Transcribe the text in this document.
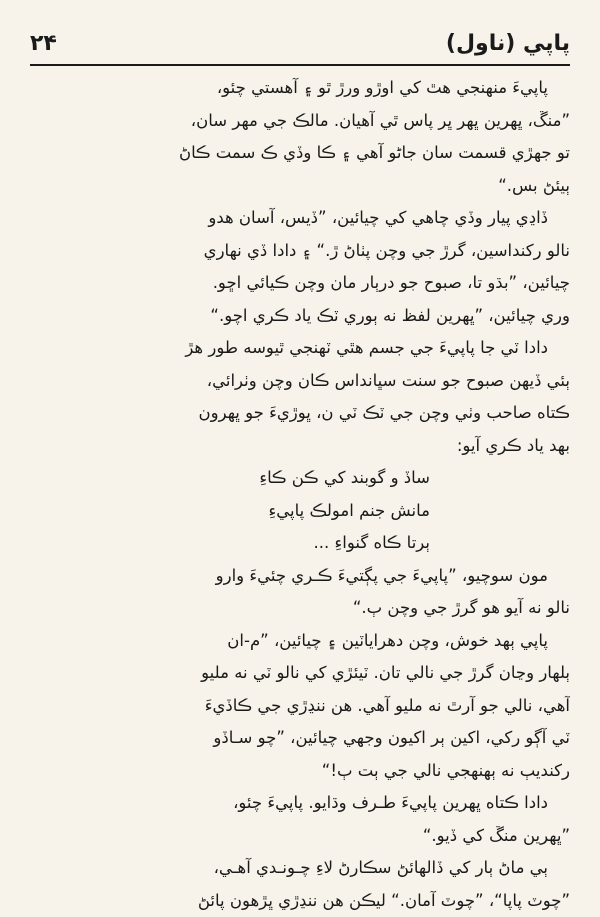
۲۴	پاپي (ناول)
پاپيءَ منهنجي هٿ کي اوڙو ورڙ ٿو ۽ آهستي چئو،
”منڱ، ڀهرين ڀهر ڀر پاس ٿي آهيان. مالڪ جي مهر سان،
تو جهڙي قسمت سان جاڻو آهي ۽ ڪا وڏي ڪ سمت ڪاڻ
ٻيئڻ بس.“
ڏاڍي پيار وڏي چاهي کي چيائين، ”ڏيس، آسان هدو
نالو رکنداسين، گرڙ جي وچن پٺاڻ ڙ.“ ۽ دادا ڏي نهاري
چيائين، ”بڌو تا، صبوح جو درٻار مان وچن ڪيائي اڇو.
وري چيائين، ”ڀهرين لفظ نه ٻوري ٽڪ ياد ڪري اچو.“
دادا ٽي جا پاپيءَ جي جسم هٿي ٽهنجي ٿيوسه طور هڙ
ٻئي ڏيهن صبوح جو سنت سڀانداس ڪان وچن وٺرائي،
ڪتاه صاحب وٺي وچن جي ٽڪ ٽي ن، ڀوڙيءَ جو ڀهرون
بهد ياد ڪري آيو:
ساڏ و گوبند کي ڪن ڪاءِ
مانش جنم امولڪ پاپيءِ
ٻرتا ڪاه گنواءِ ...
مون سوچيو، ”پاپيءَ جي پڳتيءَ ڪـري چئيءَ وارو
نالو نه آيو هو گرڙ جي وچن ٻ.“
پاپي ٻهد خوش، وچن دهراياٽين ۽ چيائين، ”م-ان
ٻلهار وڃان گرڙ جي نالي تان. ٽيئڙي کي نالو ٽي نه مليو
آهي، نالي جو آرٿ نه مليو آهي. هن ننڍڙي جي ڪاڏيءَ
ٽي آڳو رکي، اکين ٻر اکيون وجهي چيائين، ”چو سـاڏو
رکنديٻ نه ٻهنهجي نالي جي ٻت ٻ!“
دادا ڪتاه ڀهرين پاپيءَ طـرف وڌايو. پاپيءَ چئو،
”ڀهرين منڱ کي ڏيو.“
ٻي ماڻ ٻار کي ڏالهائڻ سڪارڻ لاءِ چـونـدي آهـي،
”چوٽ پاپا“، ”چوٽ آمان.“ ليڪن هن ننڍڙي ڀڙهون پائڻ
